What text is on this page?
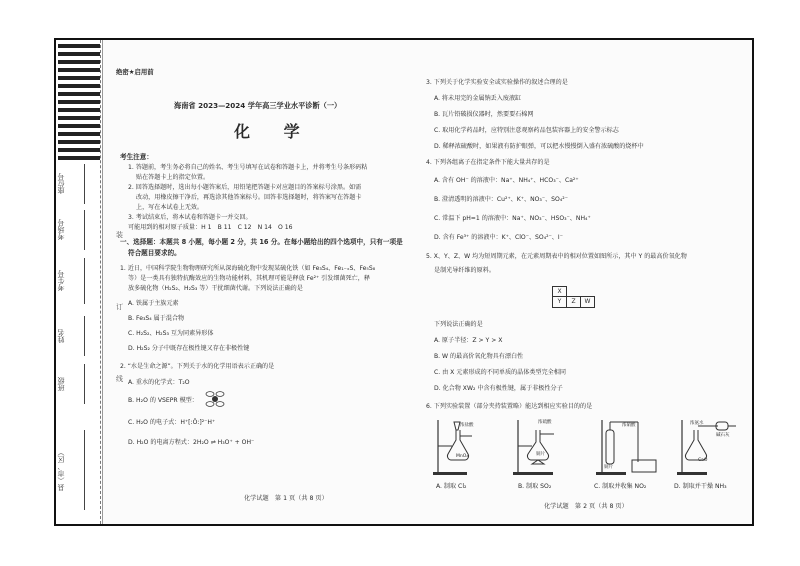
座位号
考场号
考生号
姓名
班级
县（市、区）
绝密★启用前
海南省 2023—2024 学年高三学业水平诊断（一）
化 学
考生注意：
1. 答题前，考生务必将自己的姓名、考生号填写在试卷和答题卡上，并将考生号条形码粘
贴在答题卡上的指定位置。
2. 回答选择题时，选出每小题答案后，用铅笔把答题卡对应题目的答案标号涂黑。如需
改动，用橡皮擦干净后，再选涂其他答案标号。回答非选择题时，将答案写在答题卡
上，写在本试卷上无效。
3. 考试结束后，将本试卷和答题卡一并交回。
可能用到的相对原子质量：H 1　B 11　C 12　N 14　O 16
一、选择题：本题共 8 小题，每小题 2 分，共 16 分。在每小题给出的四个选项中，只有一项是
符合题目要求的。
1. 近日，中国科学院生物物理研究所从深海硫化物中发现某硫化铁（如 Fe₃S₄、Fe₁₋ₓS、Fe₅S₈
等）是一类具有独特抗酶效应的生物功能材料，其机理可能是释放 Fe²⁺ 引发细菌死亡，释
放多硫化物（H₂S₂、H₂S₃ 等）干扰细菌代谢。下列说法正确的是
A. 铁属于主族元素
B. Fe₃S₄ 属于混合物
C. H₂S₂、H₂S₃ 互为同素异形体
D. H₂S₂ 分子中既存在极性键又存在非极性键
2. “水是生命之源”。下列关于水的化学用语表示正确的是
A. 重水的化学式：T₂O
B. H₂O 的 VSEPR 模型：
C. H₂O 的电子式：H⁺[:Ö:]²⁻H⁺
D. H₂O 的电离方程式：2H₂O ⇌ H₃O⁺ + OH⁻
化学试题　第 1 页（共 8 页）
3. 下列关于化学实验安全或实验操作的叙述合理的是
A. 将未用完的金属钠丢入废液缸
B. 瓦片铅破损仪器时，然要要石棉网
C. 取用化学药品时，应特别注意观察药品包装容器上的安全警示标志
D. 稀释浓硫酸时，如果液有防护眼弹，可以把水慢慢倒入盛有浓硫酸的烧杯中
4. 下列各组离子在指定条件下能大量共存的是
A. 含有 OH⁻ 的溶液中：Na⁺、NH₄⁺、HCO₃⁻、Ca²⁺
B. 澄清透明的溶液中：Cu²⁺、K⁺、NO₃⁻、SO₄²⁻
C. 常温下 pH=1 的溶液中：Na⁺、NO₃⁻、HSO₃⁻、NH₄⁺
D. 含有 Fe³⁺ 的溶液中：K⁺、ClO⁻、SO₄²⁻、I⁻
5. X、Y、Z、W 均为短周期元素，在元素周期表中的相对位置如图所示，其中 Y 的最高价氧化物
是制光导纤维的原料。
X		
Y	Z	W
下列说法正确的是
A. 原子半径：Z > Y > X
B. W 的最高价氧化物具有漂白性
C. 由 X 元素形成的不同单质的晶体类型完全相同
D. 化合物 XW₂ 中含有极性键，属于非极性分子
6. 下列实验装置（部分夹持装置略）能达到相应实验目的的是
浓盐酸
MnO₂
浓硫酸
铜片
浓硝酸
铜片
浓氨水
碱石灰
CaO
A. 制取 Cl₂	B. 制取 SO₂	C. 制取并收集 NO₂	D. 制取并干燥 NH₃
化学试题　第 2 页（共 8 页）
装
订
线
